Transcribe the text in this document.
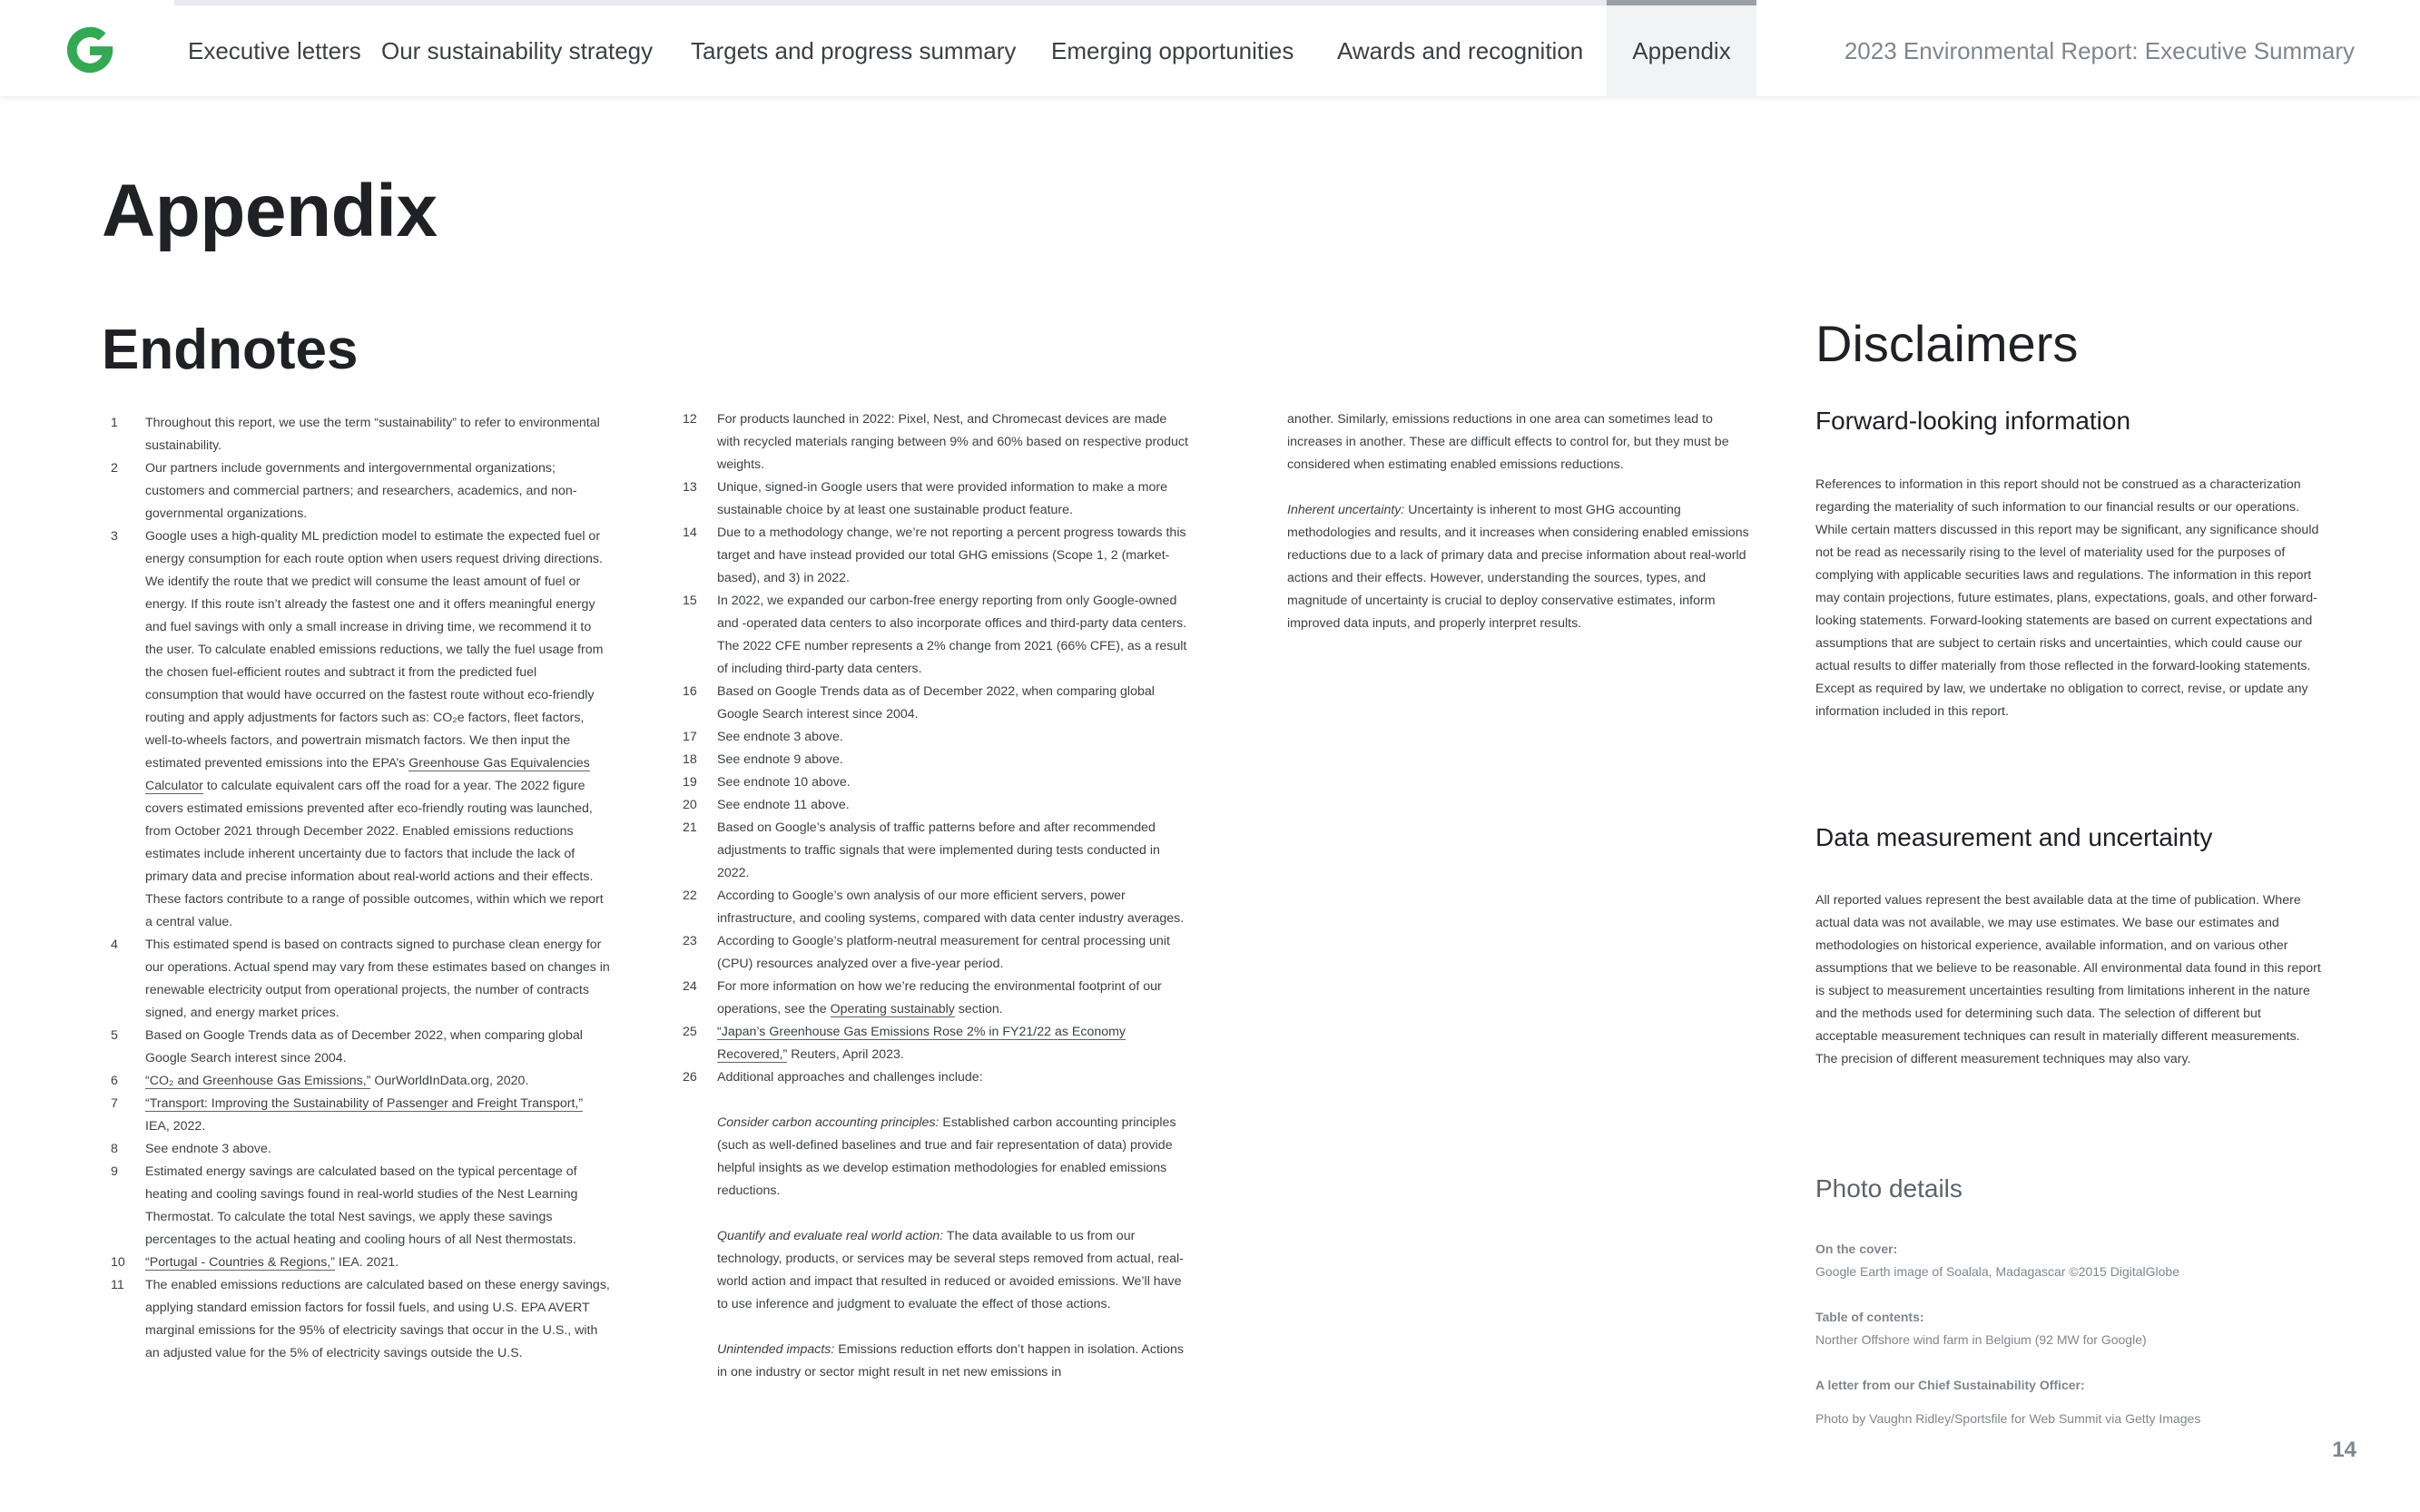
Executive letters Our sustainability strategy Targets and progress summary Emerging opportunities Awards and recognition	Appendix	2023 Environmental Report: Executive Summary
Appendix
Endnotes	Disclaimers
1	Throughout this report, we use the term “sustainability” to refer to environmental sustainability.
2	Our partners include governments and intergovernmental organizations; customers and commercial partners; and researchers, academics, and non-governmental organizations.
3	Google uses a high-quality ML prediction model to estimate the expected fuel or energy consumption for each route option when users request driving directions. We identify the route that we predict will consume the least amount of fuel or energy. If this route isn’t already the fastest one and it offers meaningful energy and fuel savings with only a small increase in driving time, we recommend it to the user. To calculate enabled emissions reductions, we tally the fuel usage from the chosen fuel-efficient routes and subtract it from the predicted fuel consumption that would have occurred on the fastest route without eco-friendly routing and apply adjustments for factors such as: CO₂e factors, fleet factors, well-to-wheels factors, and powertrain mismatch factors. We then input the estimated prevented emissions into the EPA’s Greenhouse Gas Equivalencies Calculator to calculate equivalent cars off the road for a year. The 2022 figure covers estimated emissions prevented after eco-friendly routing was launched, from October 2021 through December 2022. Enabled emissions reductions estimates include inherent uncertainty due to factors that include the lack of primary data and precise information about real-world actions and their effects. These factors contribute to a range of possible outcomes, within which we report a central value.
4	This estimated spend is based on contracts signed to purchase clean energy for our operations. Actual spend may vary from these estimates based on changes in renewable electricity output from operational projects, the number of contracts signed, and energy market prices.
5	Based on Google Trends data as of December 2022, when comparing global Google Search interest since 2004.
6	“CO₂ and Greenhouse Gas Emissions,” OurWorldInData.org, 2020.
7	“Transport: Improving the Sustainability of Passenger and Freight Transport,” IEA, 2022.
8	See endnote 3 above.
9	Estimated energy savings are calculated based on the typical percentage of heating and cooling savings found in real-world studies of the Nest Learning Thermostat. To calculate the total Nest savings, we apply these savings percentages to the actual heating and cooling hours of all Nest thermostats.
10	“Portugal - Countries & Regions,” IEA. 2021.
11	The enabled emissions reductions are calculated based on these energy savings, applying standard emission factors for fossil fuels, and using U.S. EPA AVERT marginal emissions for the 95% of electricity savings that occur in the U.S., with an adjusted value for the 5% of electricity savings outside the U.S.
12	For products launched in 2022: Pixel, Nest, and Chromecast devices are made with recycled materials ranging between 9% and 60% based on respective product weights.
13	Unique, signed-in Google users that were provided information to make a more sustainable choice by at least one sustainable product feature.
14	Due to a methodology change, we’re not reporting a percent progress towards this target and have instead provided our total GHG emissions (Scope 1, 2 (market-based), and 3) in 2022.
15	In 2022, we expanded our carbon-free energy reporting from only Google-owned and -operated data centers to also incorporate offices and third-party data centers. The 2022 CFE number represents a 2% change from 2021 (66% CFE), as a result of including third-party data centers.
16	Based on Google Trends data as of December 2022, when comparing global Google Search interest since 2004.
17	See endnote 3 above.
18	See endnote 9 above.
19	See endnote 10 above.
20	See endnote 11 above.
21	Based on Google’s analysis of traffic patterns before and after recommended adjustments to traffic signals that were implemented during tests conducted in 2022.
22	According to Google’s own analysis of our more efficient servers, power infrastructure, and cooling systems, compared with data center industry averages.
23	According to Google’s platform-neutral measurement for central processing unit (CPU) resources analyzed over a five-year period.
24	For more information on how we’re reducing the environmental footprint of our operations, see the Operating sustainably section.
25	“Japan’s Greenhouse Gas Emissions Rose 2% in FY21/22 as Economy Recovered,” Reuters, April 2023.
26	Additional approaches and challenges include:
Consider carbon accounting principles: Established carbon accounting principles (such as well-defined baselines and true and fair representation of data) provide helpful insights as we develop estimation methodologies for enabled emissions reductions.
Quantify and evaluate real world action: The data available to us from our technology, products, or services may be several steps removed from actual, real-world action and impact that resulted in reduced or avoided emissions. We’ll have to use inference and judgment to evaluate the effect of those actions.
Unintended impacts: Emissions reduction efforts don’t happen in isolation. Actions in one industry or sector might result in net new emissions in
another. Similarly, emissions reductions in one area can sometimes lead to increases in another. These are difficult effects to control for, but they must be considered when estimating enabled emissions reductions.
Inherent uncertainty: Uncertainty is inherent to most GHG accounting methodologies and results, and it increases when considering enabled emissions reductions due to a lack of primary data and precise information about real-world actions and their effects. However, understanding the sources, types, and magnitude of uncertainty is crucial to deploy conservative estimates, inform improved data inputs, and properly interpret results.
Forward-looking information
References to information in this report should not be construed as a characterization regarding the materiality of such information to our financial results or our operations. While certain matters discussed in this report may be significant, any significance should not be read as necessarily rising to the level of materiality used for the purposes of complying with applicable securities laws and regulations. The information in this report may contain projections, future estimates, plans, expectations, goals, and other forward-looking statements. Forward-looking statements are based on current expectations and assumptions that are subject to certain risks and uncertainties, which could cause our actual results to differ materially from those reflected in the forward-looking statements. Except as required by law, we undertake no obligation to correct, revise, or update any information included in this report.
Data measurement and uncertainty
All reported values represent the best available data at the time of publication. Where actual data was not available, we may use estimates. We base our estimates and methodologies on historical experience, available information, and on various other assumptions that we believe to be reasonable. All environmental data found in this report is subject to measurement uncertainties resulting from limitations inherent in the nature and the methods used for determining such data. The selection of different but acceptable measurement techniques can result in materially different measurements. The precision of different measurement techniques may also vary.
Photo details
On the cover:
Google Earth image of Soalala, Madagascar ©2015 DigitalGlobe
Table of contents:
Norther Offshore wind farm in Belgium (92 MW for Google)
A letter from our Chief Sustainability Officer:
Photo by Vaughn Ridley/Sportsfile for Web Summit via Getty Images
14
